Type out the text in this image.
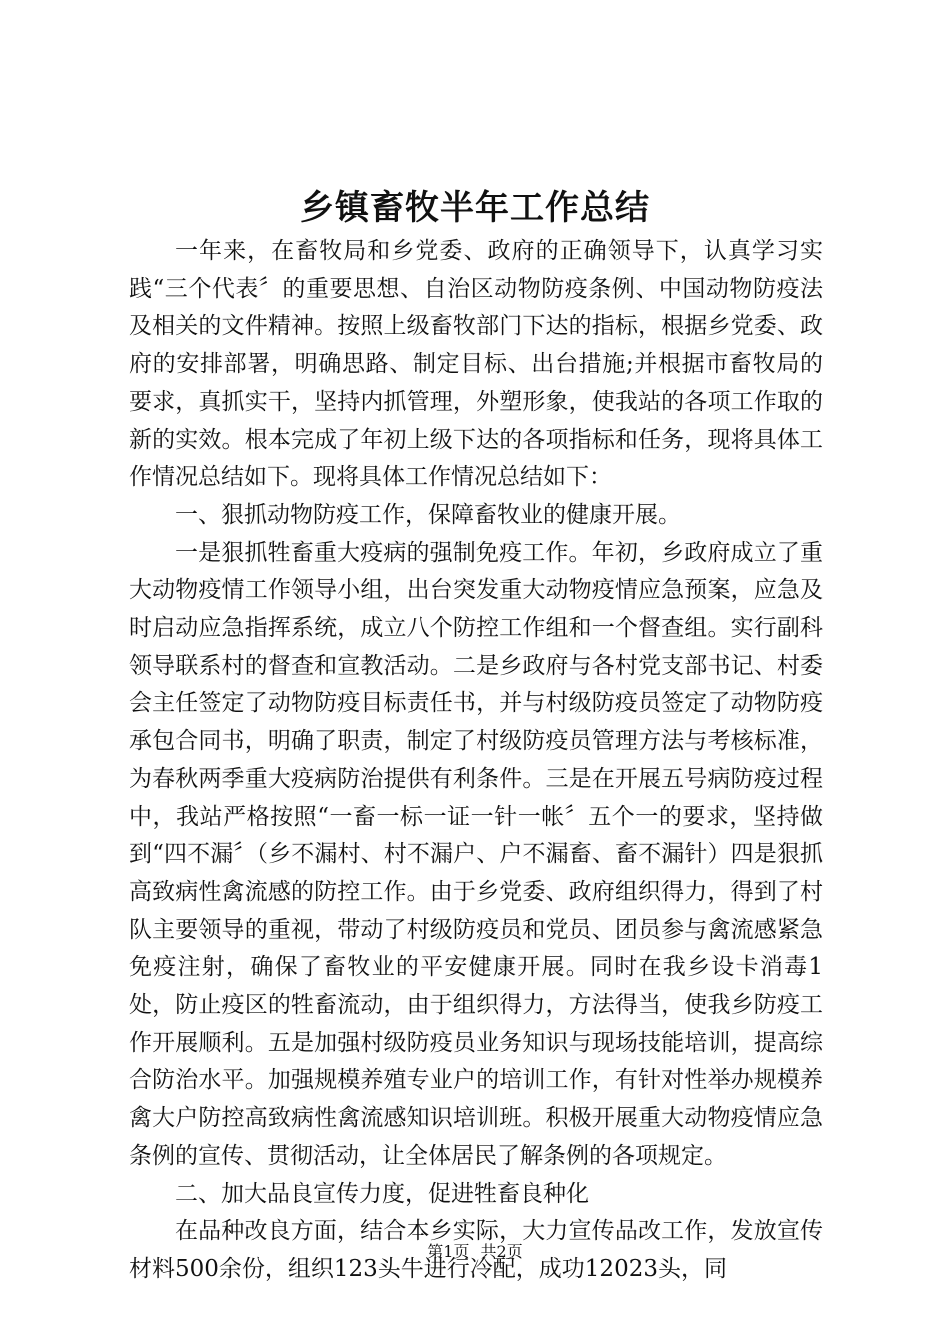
乡镇畜牧半年工作总结

一年来，在畜牧局和乡党委、政府的正确领导下，认真学习实践“三个代表〞的重要思想、自治区动物防疫条例、中国动物防疫法及相关的文件精神。按照上级畜牧部门下达的指标，根据乡党委、政府的安排部署，明确思路、制定目标、出台措施;并根据市畜牧局的要求，真抓实干，坚持内抓管理，外塑形象，使我站的各项工作取的新的实效。根本完成了年初上级下达的各项指标和任务，现将具体工作情况总结如下。现将具体工作情况总结如下：

一、狠抓动物防疫工作，保障畜牧业的健康开展。

一是狠抓牲畜重大疫病的强制免疫工作。年初，乡政府成立了重大动物疫情工作领导小组，出台突发重大动物疫情应急预案，应急及时启动应急指挥系统，成立八个防控工作组和一个督查组。实行副科领导联系村的督查和宣教活动。二是乡政府与各村党支部书记、村委会主任签定了动物防疫目标责任书，并与村级防疫员签定了动物防疫承包合同书，明确了职责，制定了村级防疫员管理方法与考核标准，为春秋两季重大疫病防治提供有利条件。三是在开展五号病防疫过程中，我站严格按照“一畜一标一证一针一帐〞五个一的要求，坚持做到“四不漏〞（乡不漏村、村不漏户、户不漏畜、畜不漏针）四是狠抓高致病性禽流感的防控工作。由于乡党委、政府组织得力，得到了村队主要领导的重视，带动了村级防疫员和党员、团员参与禽流感紧急免疫注射，确保了畜牧业的平安健康开展。同时在我乡设卡消毒1处，防止疫区的牲畜流动，由于组织得力，方法得当，使我乡防疫工作开展顺利。五是加强村级防疫员业务知识与现场技能培训，提高综合防治水平。加强规模养殖专业户的培训工作，有针对性举办规模养禽大户防控高致病性禽流感知识培训班。积极开展重大动物疫情应急条例的宣传、贯彻活动，让全体居民了解条例的各项规定。

二、加大品良宣传力度，促进牲畜良种化

在品种改良方面，结合本乡实际，大力宣传品改工作，发放宣传材料500余份，组织123头牛进行冷配，成功12023头，同

第1页 共2页
